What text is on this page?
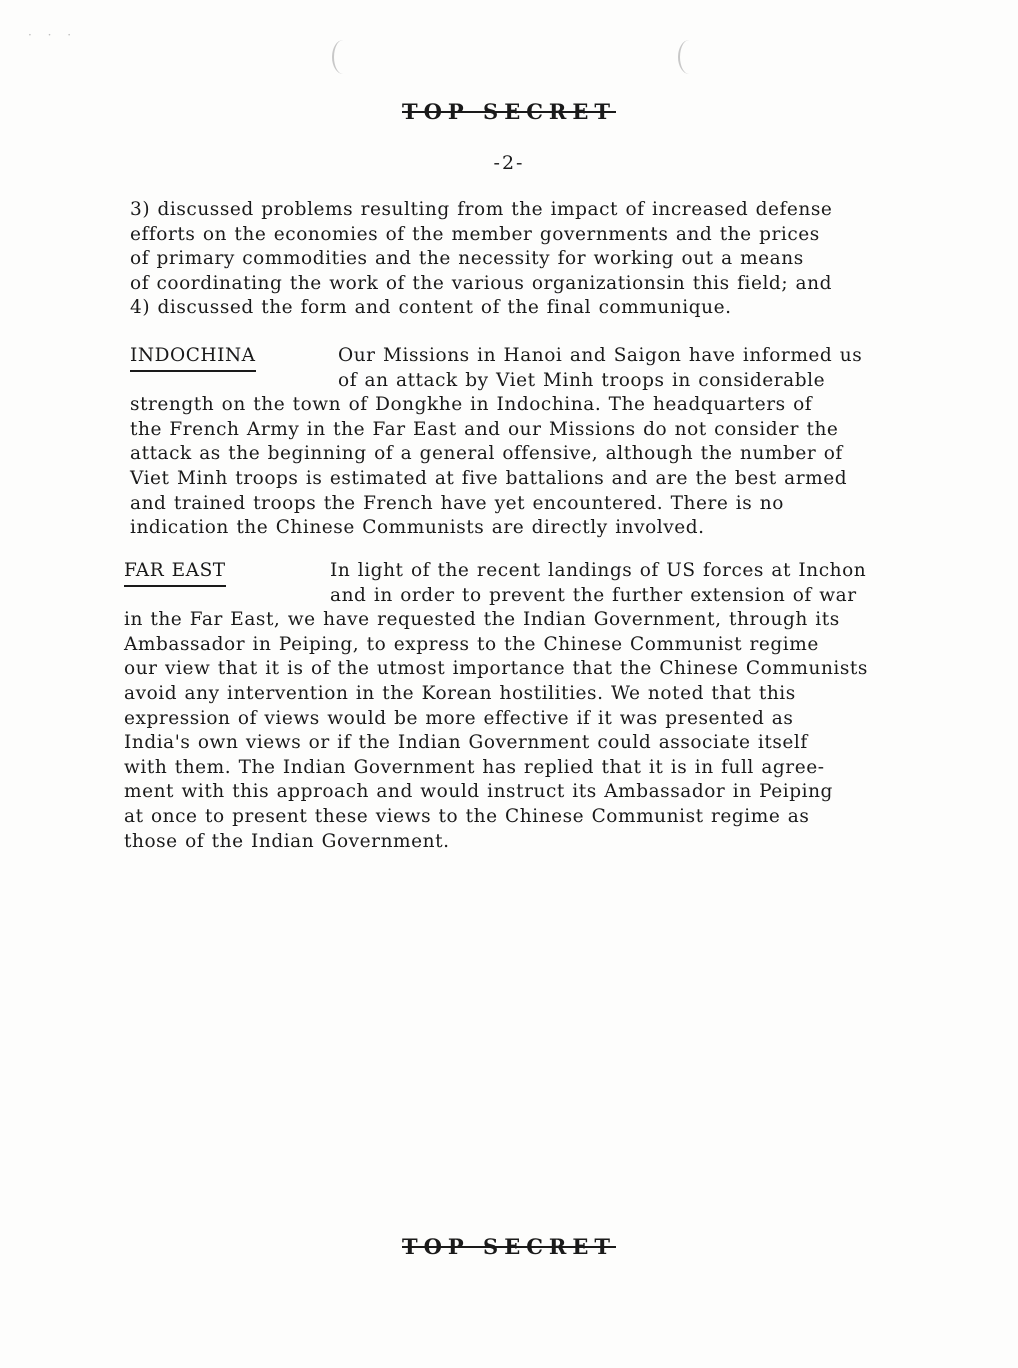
· · ·
TOP SECRET
-2-
3) discussed problems resulting from the impact of increased defense
efforts on the economies of the member governments and the prices
of primary commodities and the necessity for working out a means
of coordinating the work of the various organizationsin this field; and
4) discussed the form and content of the final communique.
INDOCHINA	Our Missions in Hanoi and Saigon have informed us
of an attack by Viet Minh troops in considerable
strength on the town of Dongkhe in Indochina. The headquarters of
the French Army in the Far East and our Missions do not consider the
attack as the beginning of a general offensive, although the number of
Viet Minh troops is estimated at five battalions and are the best armed
and trained troops the French have yet encountered. There is no
indication the Chinese Communists are directly involved.
FAR EAST	In light of the recent landings of US forces at Inchon
and in order to prevent the further extension of war
in the Far East, we have requested the Indian Government, through its
Ambassador in Peiping, to express to the Chinese Communist regime
our view that it is of the utmost importance that the Chinese Communists
avoid any intervention in the Korean hostilities. We noted that this
expression of views would be more effective if it was presented as
India's own views or if the Indian Government could associate itself
with them. The Indian Government has replied that it is in full agree-
ment with this approach and would instruct its Ambassador in Peiping
at once to present these views to the Chinese Communist regime as
those of the Indian Government.
TOP SECRET
